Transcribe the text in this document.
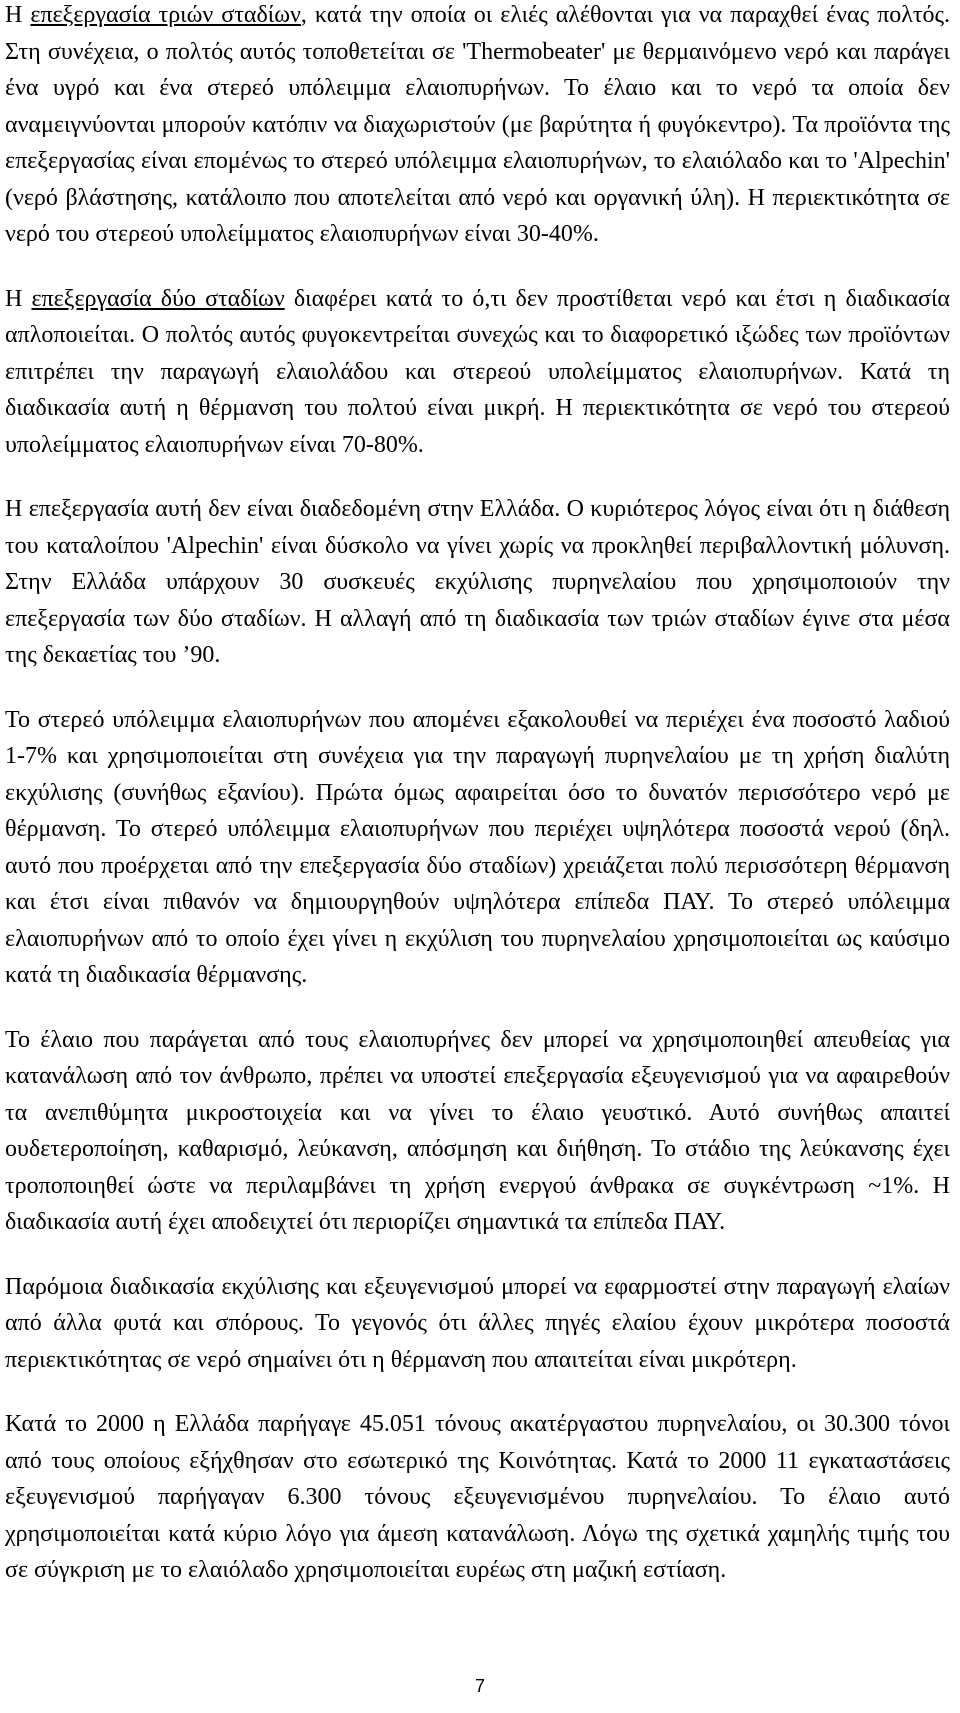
Η επεξεργασία τριών σταδίων, κατά την οποία οι ελιές αλέθονται για να παραχθεί ένας πολτός. Στη συνέχεια, ο πολτός αυτός τοποθετείται σε 'Thermobeater' με θερμαινόμενο νερό και παράγει ένα υγρό και ένα στερεό υπόλειμμα ελαιοπυρήνων. Το έλαιο και το νερό τα οποία δεν αναμειγνύονται μπορούν κατόπιν να διαχωριστούν (με βαρύτητα ή φυγόκεντρο). Τα προϊόντα της επεξεργασίας είναι επομένως το στερεό υπόλειμμα ελαιοπυρήνων, το ελαιόλαδο και το 'Alpechin' (νερό βλάστησης, κατάλοιπο που αποτελείται από νερό και οργανική ύλη). Η περιεκτικότητα σε νερό του στερεού υπολείμματος ελαιοπυρήνων είναι 30-40%.

Η επεξεργασία δύο σταδίων διαφέρει κατά το ό,τι δεν προστίθεται νερό και έτσι η διαδικασία απλοποιείται. Ο πολτός αυτός φυγοκεντρείται συνεχώς και το διαφορετικό ιξώδες των προϊόντων επιτρέπει την παραγωγή ελαιολάδου και στερεού υπολείμματος ελαιοπυρήνων. Κατά τη διαδικασία αυτή η θέρμανση του πολτού είναι μικρή. Η περιεκτικότητα σε νερό του στερεού υπολείμματος ελαιοπυρήνων είναι 70-80%.

Η επεξεργασία αυτή δεν είναι διαδεδομένη στην Ελλάδα. Ο κυριότερος λόγος είναι ότι η διάθεση του καταλοίπου 'Alpechin' είναι δύσκολο να γίνει χωρίς να προκληθεί περιβαλλοντική μόλυνση. Στην Ελλάδα υπάρχουν 30 συσκευές εκχύλισης πυρηνελαίου που χρησιμοποιούν την επεξεργασία των δύο σταδίων. Η αλλαγή από τη διαδικασία των τριών σταδίων έγινε στα μέσα της δεκαετίας του ’90.

Το στερεό υπόλειμμα ελαιοπυρήνων που απομένει εξακολουθεί να περιέχει ένα ποσοστό λαδιού 1-7% και χρησιμοποιείται στη συνέχεια για την παραγωγή πυρηνελαίου με τη χρήση διαλύτη εκχύλισης (συνήθως εξανίου). Πρώτα όμως αφαιρείται όσο το δυνατόν περισσότερο νερό με θέρμανση. Το στερεό υπόλειμμα ελαιοπυρήνων που περιέχει υψηλότερα ποσοστά νερού (δηλ. αυτό που προέρχεται από την επεξεργασία δύο σταδίων) χρειάζεται πολύ περισσότερη θέρμανση και έτσι είναι πιθανόν να δημιουργηθούν υψηλότερα επίπεδα ΠΑΥ. Το στερεό υπόλειμμα ελαιοπυρήνων από το οποίο έχει γίνει η εκχύλιση του πυρηνελαίου χρησιμοποιείται ως καύσιμο κατά τη διαδικασία θέρμανσης.

Το έλαιο που παράγεται από τους ελαιοπυρήνες δεν μπορεί να χρησιμοποιηθεί απευθείας για κατανάλωση από τον άνθρωπο, πρέπει να υποστεί επεξεργασία εξευγενισμού για να αφαιρεθούν τα ανεπιθύμητα μικροστοιχεία και να γίνει το έλαιο γευστικό. Αυτό συνήθως απαιτεί ουδετεροποίηση, καθαρισμό, λεύκανση, απόσμηση και διήθηση. Το στάδιο της λεύκανσης έχει τροποποιηθεί ώστε να περιλαμβάνει τη χρήση ενεργού άνθρακα σε συγκέντρωση ~1%. Η διαδικασία αυτή έχει αποδειχτεί ότι περιορίζει σημαντικά τα επίπεδα ΠΑΥ.

Παρόμοια διαδικασία εκχύλισης και εξευγενισμού μπορεί να εφαρμοστεί στην παραγωγή ελαίων από άλλα φυτά και σπόρους. Το γεγονός ότι άλλες πηγές ελαίου έχουν μικρότερα ποσοστά περιεκτικότητας σε νερό σημαίνει ότι η θέρμανση που απαιτείται είναι μικρότερη.

Κατά το 2000 η Ελλάδα παρήγαγε 45.051 τόνους ακατέργαστου πυρηνελαίου, οι 30.300 τόνοι από τους οποίους εξήχθησαν στο εσωτερικό της Κοινότητας. Κατά το 2000 11 εγκαταστάσεις εξευγενισμού παρήγαγαν 6.300 τόνους εξευγενισμένου πυρηνελαίου. Το έλαιο αυτό χρησιμοποιείται κατά κύριο λόγο για άμεση κατανάλωση. Λόγω της σχετικά χαμηλής τιμής του σε σύγκριση με το ελαιόλαδο χρησιμοποιείται ευρέως στη μαζική εστίαση.

7
